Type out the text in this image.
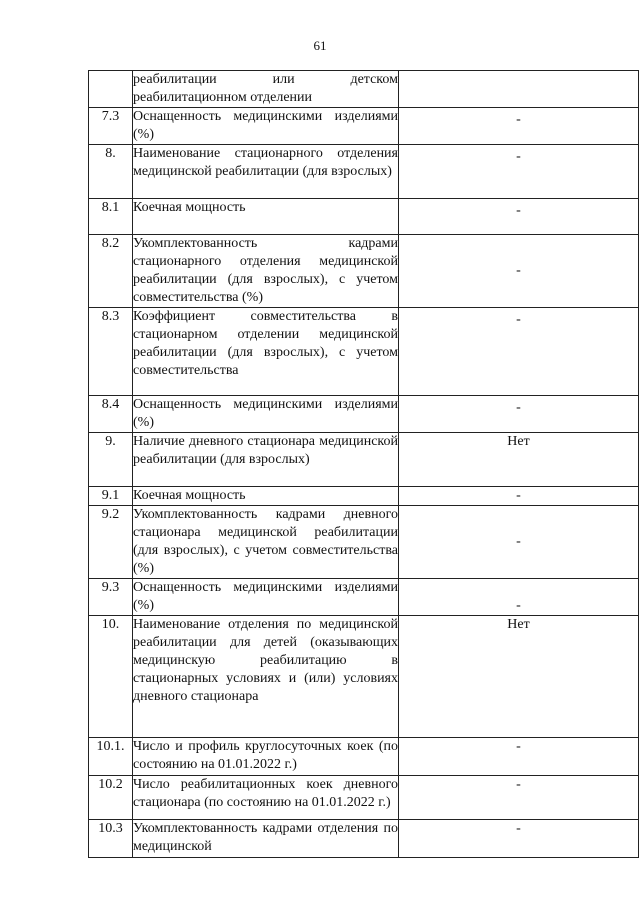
61
	реабилитации или детском реабилитационном отделении	

7.3	Оснащенность медицинскими изделиями (%)	-

8.	Наименование стационарного отделения медицинской реабилитации (для взрослых)	-

8.1	Коечная мощность	-

8.2	Укомплектованность кадрами стационарного отделения медицинской реабилитации (для взрослых), с учетом совместительства (%)	-
8.3	Коэффициент совместительства в стационарном отделении медицинской реабилитации (для взрослых), с учетом совместительства	-

8.4	Оснащенность медицинскими изделиями (%)	-

9.	Наличие дневного стационара медицинской реабилитации (для взрослых)	Нет

9.1	Коечная мощность	-
9.2	Укомплектованность кадрами дневного стационара медицинской реабилитации (для взрослых), с учетом совместительства (%)	-
9.3	Оснащенность медицинскими изделиями (%)	-
10.	Наименование отделения по медицинской реабилитации для детей (оказывающих медицинскую реабилитацию в стационарных условиях и (или) условиях дневного стационара	Нет
10.1.	Число и профиль круглосуточных коек (по состоянию на 01.01.2022 г.)	-
10.2	Число реабилитационных коек дневного стационара (по состоянию на 01.01.2022 г.)	-
10.3	Укомплектованность кадрами отделения по медицинской	-
